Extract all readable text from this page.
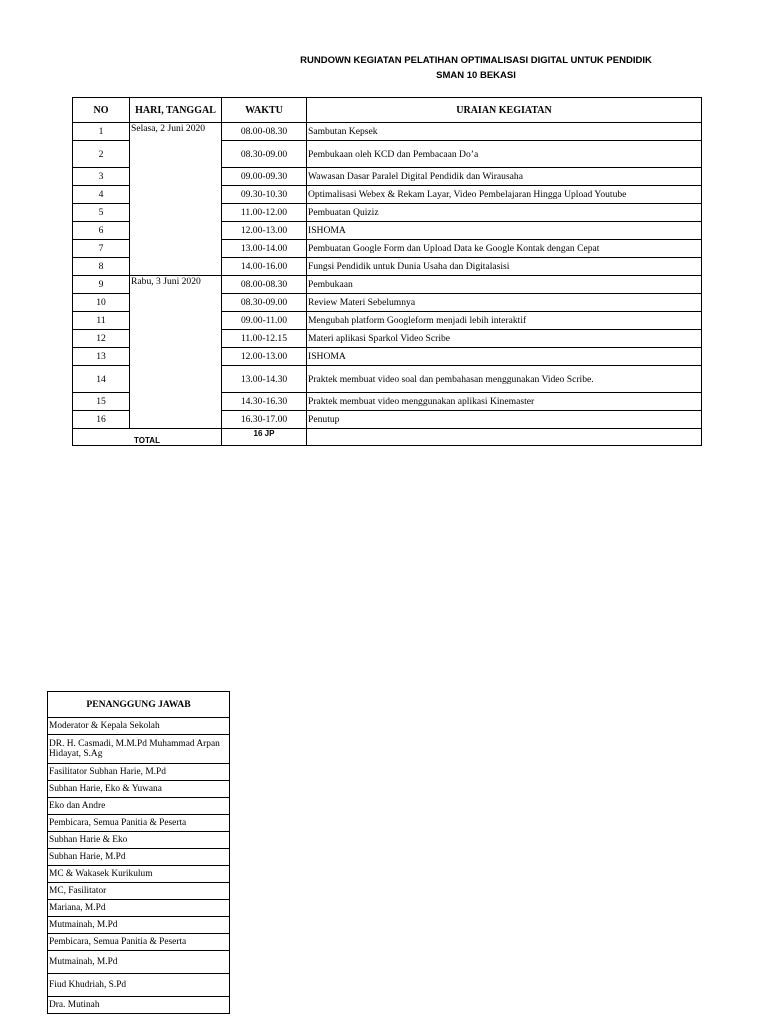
RUNDOWN KEGIATAN PELATIHAN OPTIMALISASI DIGITAL UNTUK PENDIDIK
SMAN 10 BEKASI
NO	HARI, TANGGAL	WAKTU	URAIAN KEGIATAN
1	Selasa, 2 Juni 2020	08.00-08.30	Sambutan Kepsek
2		08.30-09.00	Pembukaan oleh KCD dan Pembacaan Do’a
3		09.00-09.30	Wawasan Dasar Paralel Digital Pendidik dan Wirausaha
4		09.30-10.30	Optimalisasi Webex & Rekam Layar, Video Pembelajaran Hingga Upload Youtube
5		11.00-12.00	Pembuatan Quiziz
6		12.00-13.00	ISHOMA
7		13.00-14.00	Pembuatan Google Form dan Upload Data ke Google Kontak dengan Cepat
8		14.00-16.00	Fungsi Pendidik untuk Dunia Usaha dan Digitalasisi
9	Rabu, 3 Juni 2020	08.00-08.30	Pembukaan
10		08.30-09.00	Review Materi Sebelumnya
11		09.00-11.00	Mengubah platform Googleform menjadi lebih interaktif
12		11.00-12.15	Materi aplikasi Sparkol Video Scribe
13		12.00-13.00	ISHOMA
14		13.00-14.30	Praktek membuat video soal dan pembahasan menggunakan Video Scribe.
15		14.30-16.30	Praktek membuat video menggunakan aplikasi Kinemaster
16		16.30-17.00	Penutup
TOTAL		16 JP	
PENANGGUNG JAWAB
Moderator & Kepala Sekolah
DR. H. Casmadi, M.M.Pd Muhammad Arpan Hidayat, S.Ag
Fasilitator Subhan Harie, M.Pd
Subhan Harie, Eko & Yuwana
Eko dan Andre
Pembicara, Semua Panitia & Peserta
Subhan Harie & Eko
Subhan Harie, M.Pd
MC & Wakasek Kurikulum
MC, Fasilitator
Mariana, M.Pd
Mutmainah, M.Pd
Pembicara, Semua Panitia & Peserta
Mutmainah, M.Pd
Fiud Khudriah, S.Pd
Dra. Mutinah
